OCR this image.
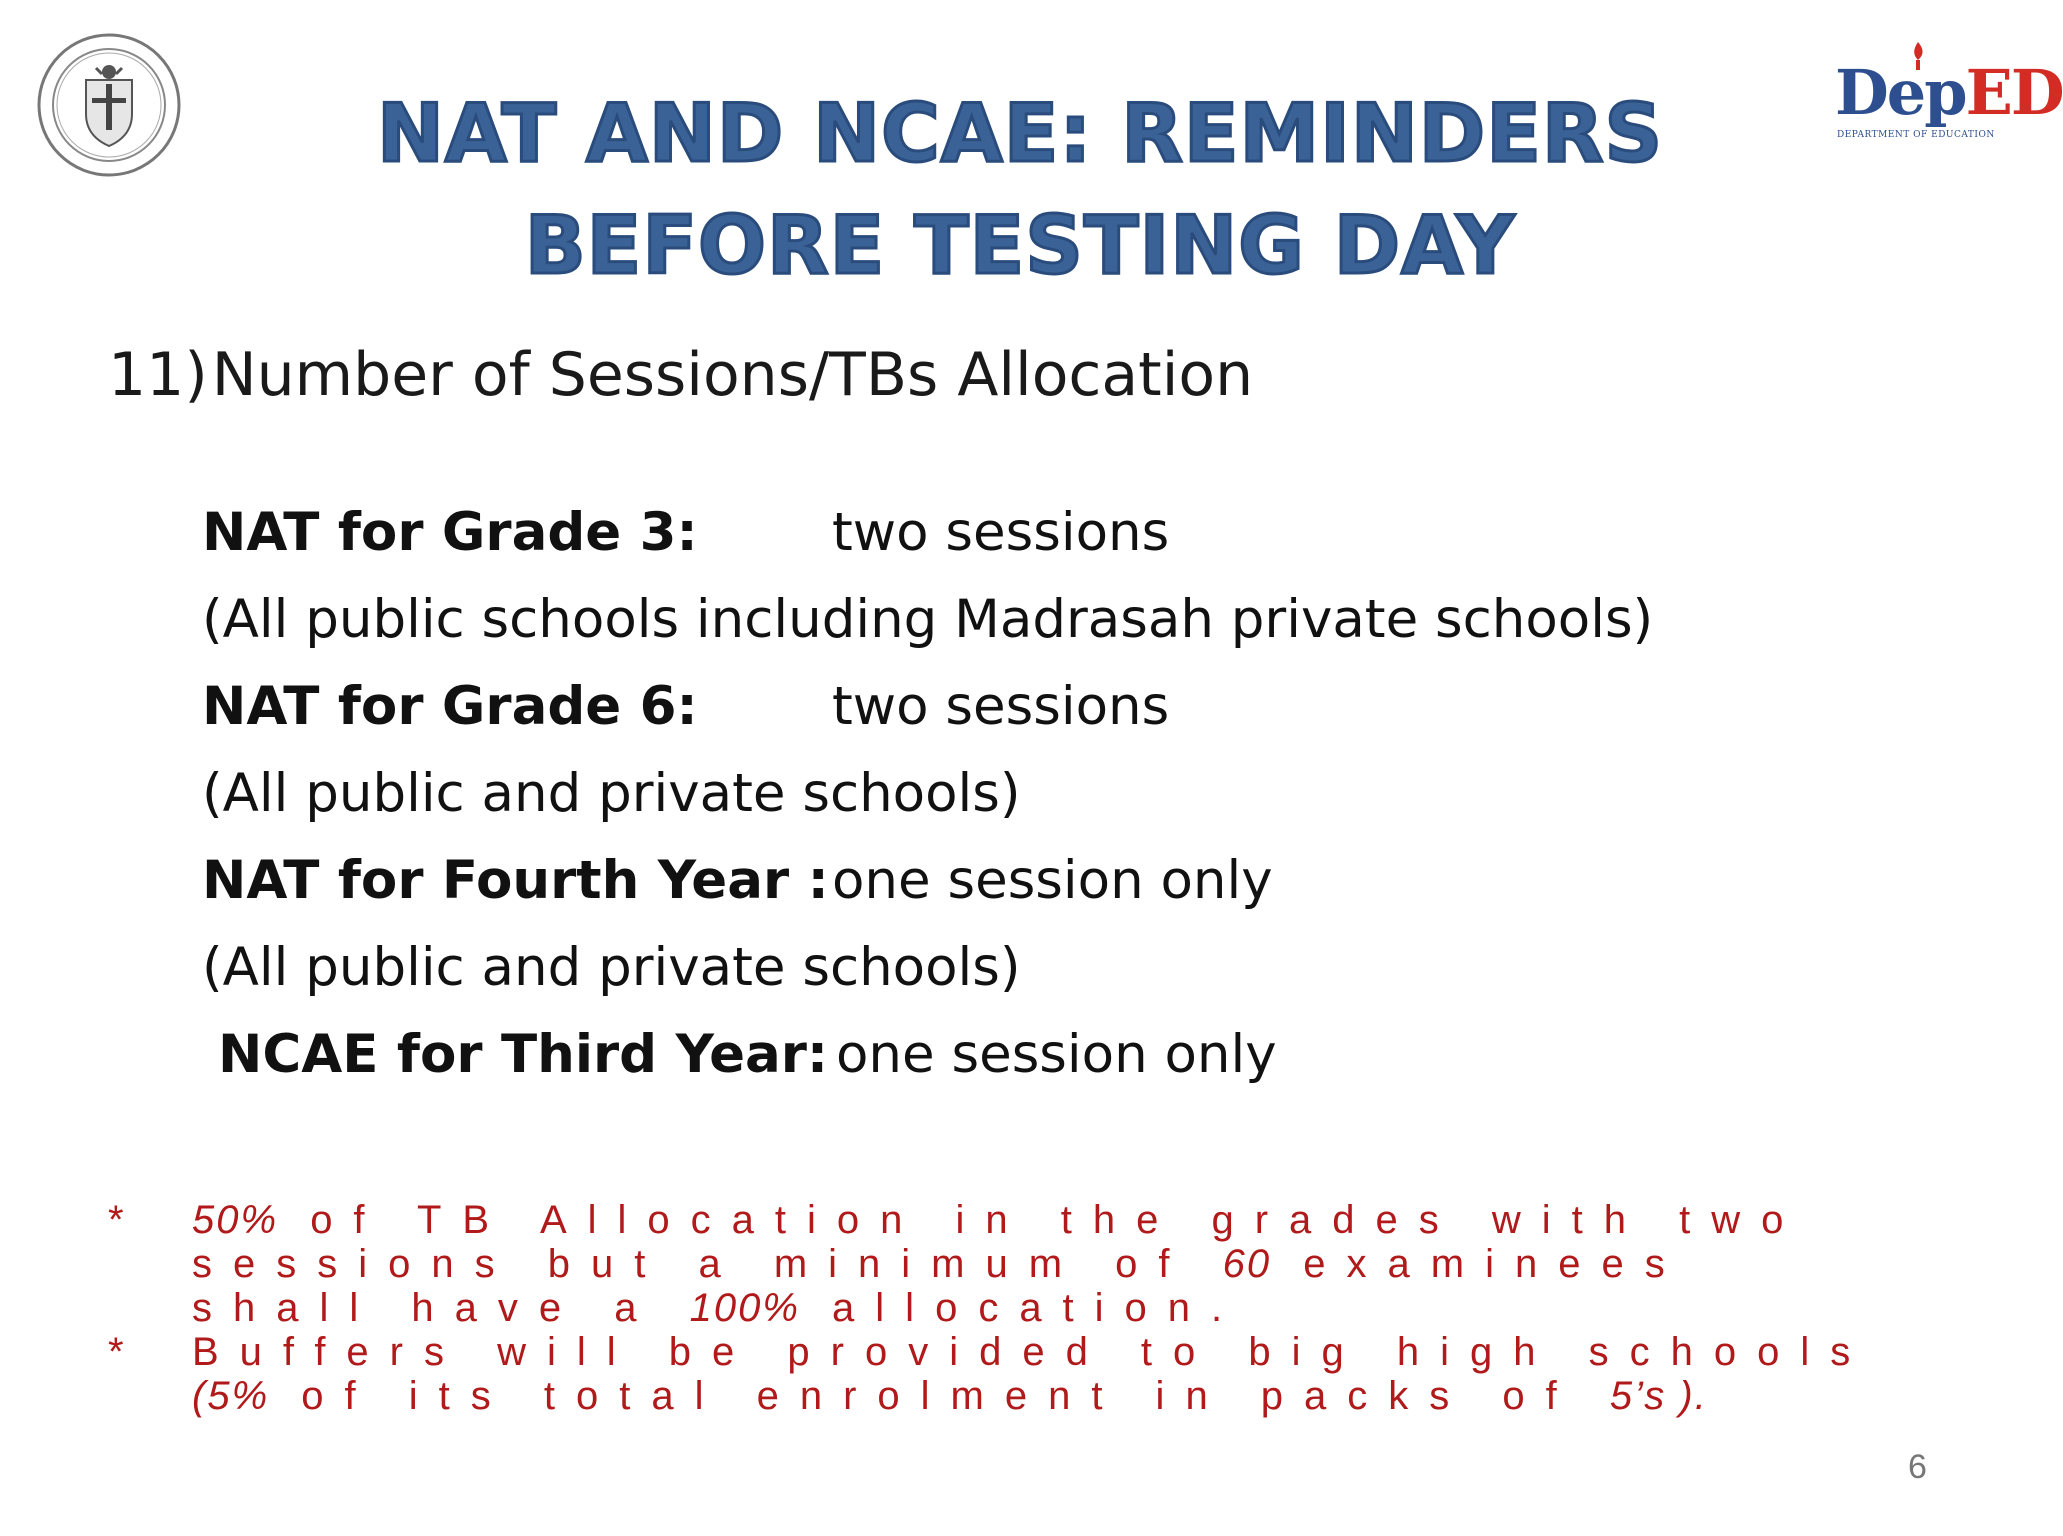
DepED
DEPARTMENT OF EDUCATION
NAT AND NCAE: REMINDERS
BEFORE TESTING DAY
11)Number of Sessions/TBs Allocation
NAT for Grade 3:	two sessions
(All public schools including Madrasah private schools)
NAT for Grade 6:	two sessions
(All public and private schools)
NAT for Fourth Year : one session only
(All public and private schools)
NCAE for Third Year: one session only
*	50% of TB Allocation in the grades with two sessions but a minimum of 60 examinees shall have a 100% allocation.
*	Buffers will be provided to big high schools (5% of its total enrolment in packs of 5’s ).
6
